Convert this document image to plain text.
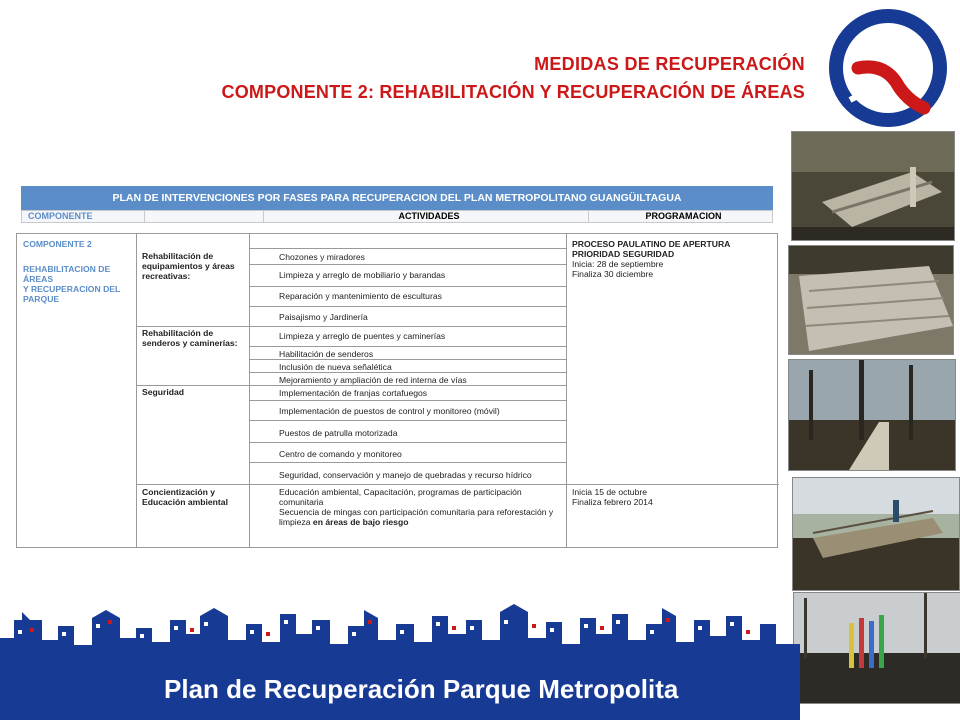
MEDIDAS DE RECUPERACIÓN
COMPONENTE 2: REHABILITACIÓN Y RECUPERACIÓN DE ÁREAS
PLAN DE INTERVENCIONES POR FASES PARA RECUPERACION DEL PLAN METROPOLITANO GUANGÜILTAGUA
COMPONENTE	ACTIVIDADES	PROGRAMACION
COMPONENTE 2
REHABILITACION DE ÁREAS
Y RECUPERACION DEL PARQUE
Rehabilitación de equipamientos y áreas recreativas:
Rehabilitación de senderos y caminerías:
Seguridad
Concientización y Educación ambiental
Chozones y miradores
Limpieza y arreglo de mobiliario y barandas
Reparación y mantenimiento de esculturas
Paisajismo y Jardinería
Limpieza y arreglo de puentes y caminerías
Habilitación de senderos
Inclusión de nueva señalética
Mejoramiento y ampliación de red interna de vías
Implementación de franjas cortafuegos
Implementación de puestos de control y monitoreo (móvil)
Puestos de patrulla motorizada
Centro de comando y monitoreo
Seguridad, conservación y manejo de quebradas y recurso hídrico
Educación ambiental, Capacitación, programas de participación comunitaria
Secuencia de mingas con participación comunitaria para reforestación y limpieza en áreas de bajo riesgo
PROCESO PAULATINO DE APERTURA PRIORIDAD SEGURIDAD
Inicia: 28 de septiembre
Finaliza 30 diciembre
Inicia 15 de octubre
Finaliza febrero 2014
Plan de Recuperación Parque Metropolita
